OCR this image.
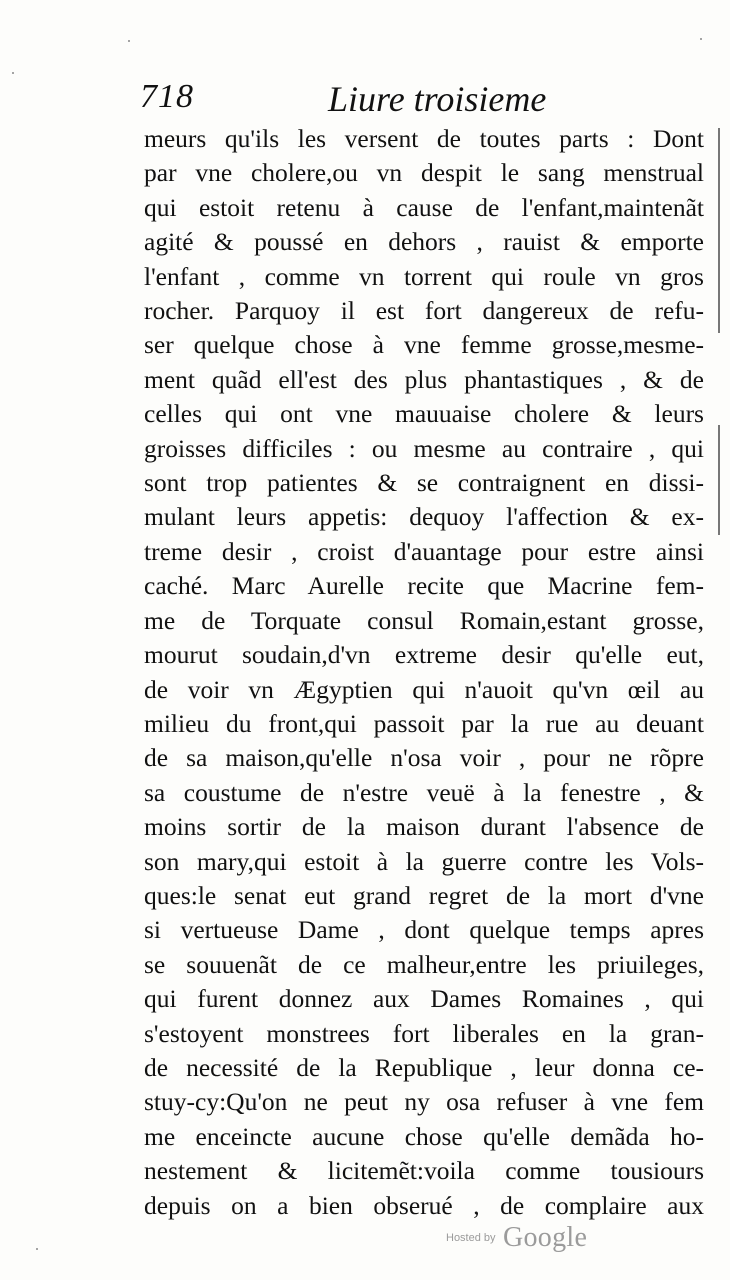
718	Liure troisieme
meurs qu'ils les versent de toutes parts : Dont
par vne cholere,ou vn despit le sang menstrual
qui estoit retenu à cause de l'enfant,maintenãt
agité & poussé en dehors , rauist & emporte
l'enfant , comme vn torrent qui roule vn gros
rocher. Parquoy il est fort dangereux de refu-
ser quelque chose à vne femme grosse,mesme-
ment quãd ell'est des plus phantastiques , & de
celles qui ont vne mauuaise cholere & leurs
groisses difficiles : ou mesme au contraire , qui
sont trop patientes & se contraignent en dissi-
mulant leurs appetis: dequoy l'affection & ex-
treme desir , croist d'auantage pour estre ainsi
caché. Marc Aurelle recite que Macrine fem-
me de Torquate consul Romain,estant grosse,
mourut soudain,d'vn extreme desir qu'elle eut,
de voir vn Ægyptien qui n'auoit qu'vn œil au
milieu du front,qui passoit par la rue au deuant
de sa maison,qu'elle n'osa voir , pour ne rõpre
sa coustume de n'estre veuë à la fenestre , &
moins sortir de la maison durant l'absence de
son mary,qui estoit à la guerre contre les Vols-
ques:le senat eut grand regret de la mort d'vne
si vertueuse Dame , dont quelque temps apres
se souuenãt de ce malheur,entre les priuileges,
qui furent donnez aux Dames Romaines , qui
s'estoyent monstrees fort liberales en la gran-
de necessité de la Republique , leur donna ce-
stuy-cy:Qu'on ne peut ny osa refuser à vne fem
me enceincte aucune chose qu'elle demãda ho-
nestement & licitemẽt:voila comme tousiours
depuis on a bien obserué , de complaire aux
Hosted by Google
